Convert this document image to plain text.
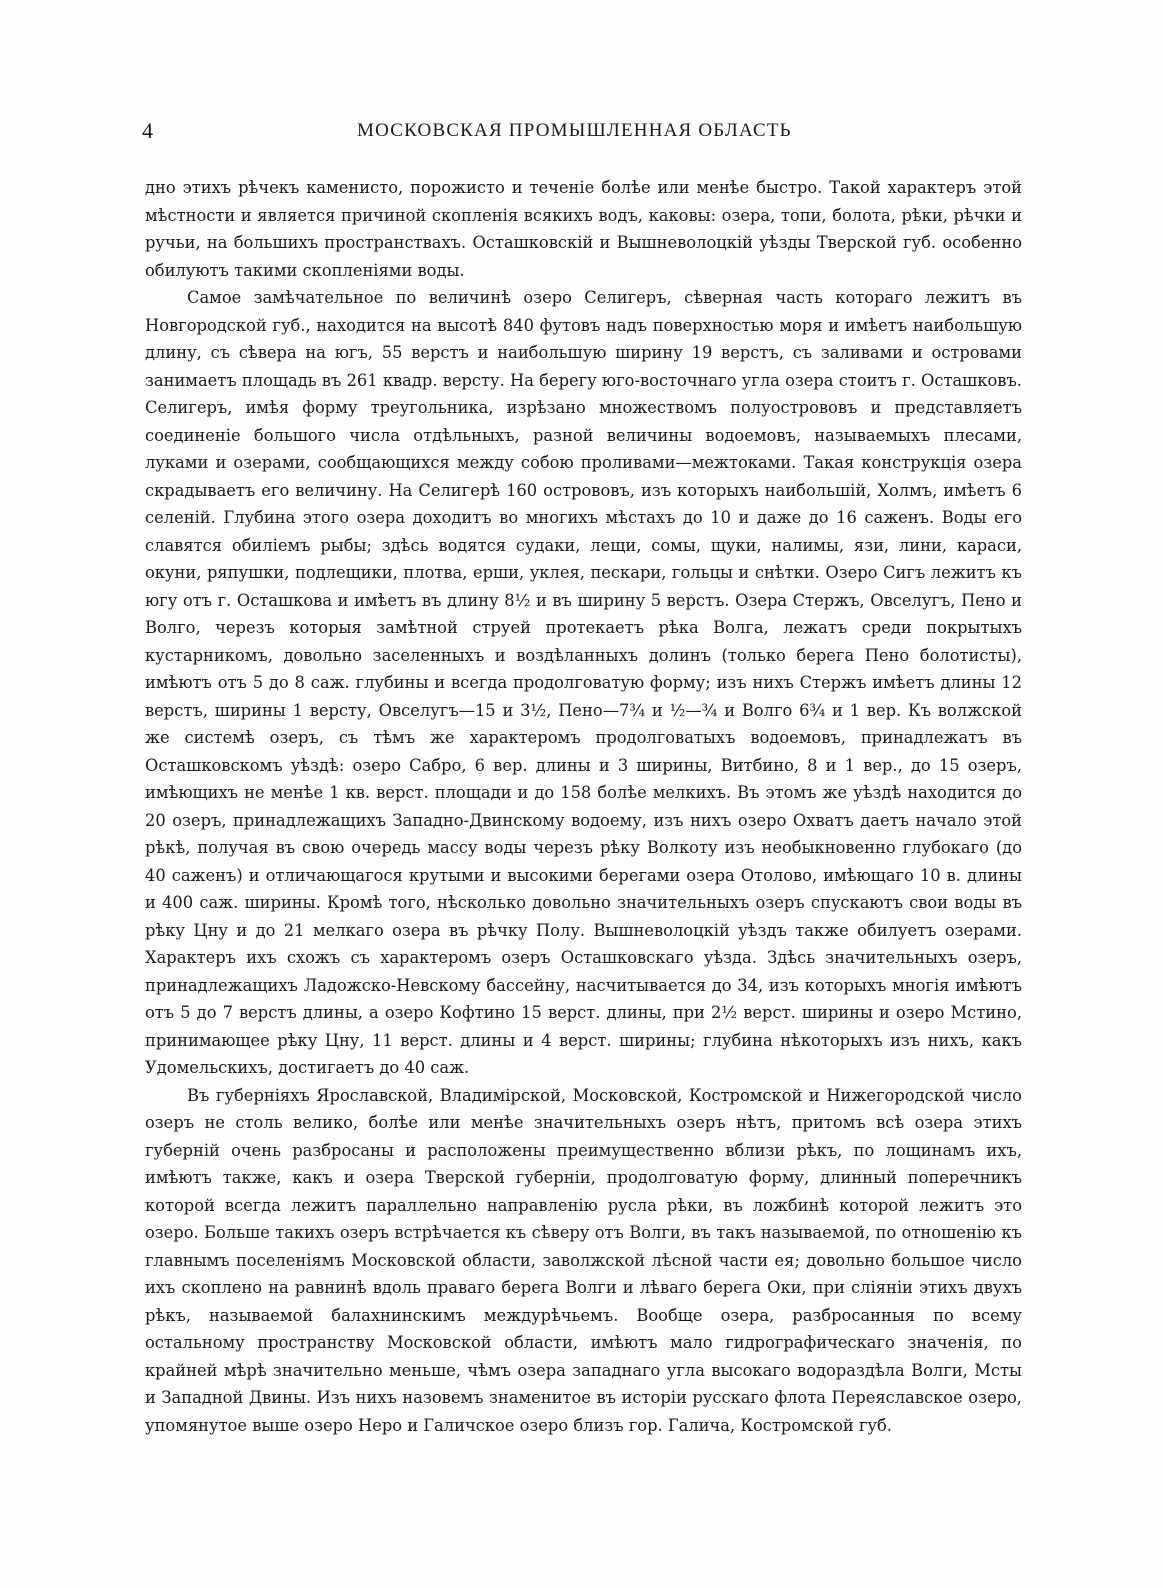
4	МОСКОВСКАЯ ПРОМЫШЛЕННАЯ ОБЛАСТЬ

дно этихъ рѣчекъ каменисто, порожисто и теченіе болѣе или менѣе быстро. Такой характеръ этой мѣстности и является причиной скопленія всякихъ водъ, каковы: озера, топи, болота, рѣки, рѣчки и ручьи, на большихъ пространствахъ. Осташковскій и Вышневолоцкій уѣзды Тверской губ. особенно обилуютъ такими скопленіями воды.

Самое замѣчательное по величинѣ озеро Селигеръ, сѣверная часть котораго лежитъ въ Новгородской губ., находится на высотѣ 840 футовъ надъ поверхностью моря и имѣетъ наибольшую длину, съ сѣвера на югъ, 55 верстъ и наибольшую ширину 19 верстъ, съ заливами и островами занимаетъ площадь въ 261 квадр. версту. На берегу юго-восточнаго угла озера стоитъ г. Осташковъ. Селигеръ, имѣя форму треугольника, изрѣзано множествомъ полуострововъ и представляетъ соединеніе большого числа отдѣльныхъ, разной величины водоемовъ, называемыхъ плесами, луками и озерами, сообщающихся между собою проливами—межтоками. Такая конструкція озера скрадываетъ его величину. На Селигерѣ 160 острововъ, изъ которыхъ наибольшій, Холмъ, имѣетъ 6 селеній. Глубина этого озера доходитъ во многихъ мѣстахъ до 10 и даже до 16 саженъ. Воды его славятся обиліемъ рыбы; здѣсь водятся судаки, лещи, сомы, щуки, налимы, язи, лини, караси, окуни, ряпушки, подлещики, плотва, ерши, уклея, пескари, гольцы и снѣтки. Озеро Сигъ лежитъ къ югу отъ г. Осташкова и имѣетъ въ длину 8½ и въ ширину 5 верстъ. Озера Стержъ, Овселугъ, Пено и Волго, черезъ которыя замѣтной струей протекаетъ рѣка Волга, лежатъ среди покрытыхъ кустарникомъ, довольно заселенныхъ и воздѣланныхъ долинъ (только берега Пено болотисты), имѣютъ отъ 5 до 8 саж. глубины и всегда продолговатую форму; изъ нихъ Стержъ имѣетъ длины 12 верстъ, ширины 1 версту, Овселугъ—15 и 3½, Пено—7¾ и ½—¾ и Волго 6¾ и 1 вер. Къ волжской же системѣ озеръ, съ тѣмъ же характеромъ продолговатыхъ водоемовъ, принадлежатъ въ Осташковскомъ уѣздѣ: озеро Сабро, 6 вер. длины и 3 ширины, Витбино, 8 и 1 вер., до 15 озеръ, имѣющихъ не менѣе 1 кв. верст. площади и до 158 болѣе мелкихъ. Въ этомъ же уѣздѣ находится до 20 озеръ, принадлежащихъ Западно-Двинскому водоему, изъ нихъ озеро Охватъ даетъ начало этой рѣкѣ, получая въ свою очередь массу воды черезъ рѣку Волкоту изъ необыкновенно глубокаго (до 40 саженъ) и отличающагося крутыми и высокими берегами озера Отолово, имѣющаго 10 в. длины и 400 саж. ширины. Кромѣ того, нѣсколько довольно значительныхъ озеръ спускаютъ свои воды въ рѣку Цну и до 21 мелкаго озера въ рѣчку Полу. Вышневолоцкій уѣздъ также обилуетъ озерами. Характеръ ихъ схожъ съ характеромъ озеръ Осташковскаго уѣзда. Здѣсь значительныхъ озеръ, принадлежащихъ Ладожско-Невскому бассейну, насчитывается до 34, изъ которыхъ многія имѣютъ отъ 5 до 7 верстъ длины, а озеро Кофтино 15 верст. длины, при 2½ верст. ширины и озеро Мстино, принимающее рѣку Цну, 11 верст. длины и 4 верст. ширины; глубина нѣкоторыхъ изъ нихъ, какъ Удомельскихъ, достигаетъ до 40 саж.

Въ губерніяхъ Ярославской, Владимірской, Московской, Костромской и Нижегородской число озеръ не столь велико, болѣе или менѣе значительныхъ озеръ нѣтъ, притомъ всѣ озера этихъ губерній очень разбросаны и расположены преимущественно вблизи рѣкъ, по лощинамъ ихъ, имѣютъ также, какъ и озера Тверской губерніи, продолговатую форму, длинный поперечникъ которой всегда лежитъ параллельно направленію русла рѣки, въ ложбинѣ которой лежитъ это озеро. Больше такихъ озеръ встрѣчается къ сѣверу отъ Волги, въ такъ называемой, по отношенію къ главнымъ поселеніямъ Московской области, заволжской лѣсной части ея; довольно большое число ихъ скоплено на равнинѣ вдоль праваго берега Волги и лѣваго берега Оки, при сліяніи этихъ двухъ рѣкъ, называемой балахнинскимъ междурѣчьемъ. Вообще озера, разбросанныя по всему остальному пространству Московской области, имѣютъ мало гидрографическаго значенія, по крайней мѣрѣ значительно меньше, чѣмъ озера западнаго угла высокаго водораздѣла Волги, Мсты и Западной Двины. Изъ нихъ назовемъ знаменитое въ исторіи русскаго флота Переяславское озеро, упомянутое выше озеро Неро и Галичское озеро близъ гор. Галича, Костромской губ.
